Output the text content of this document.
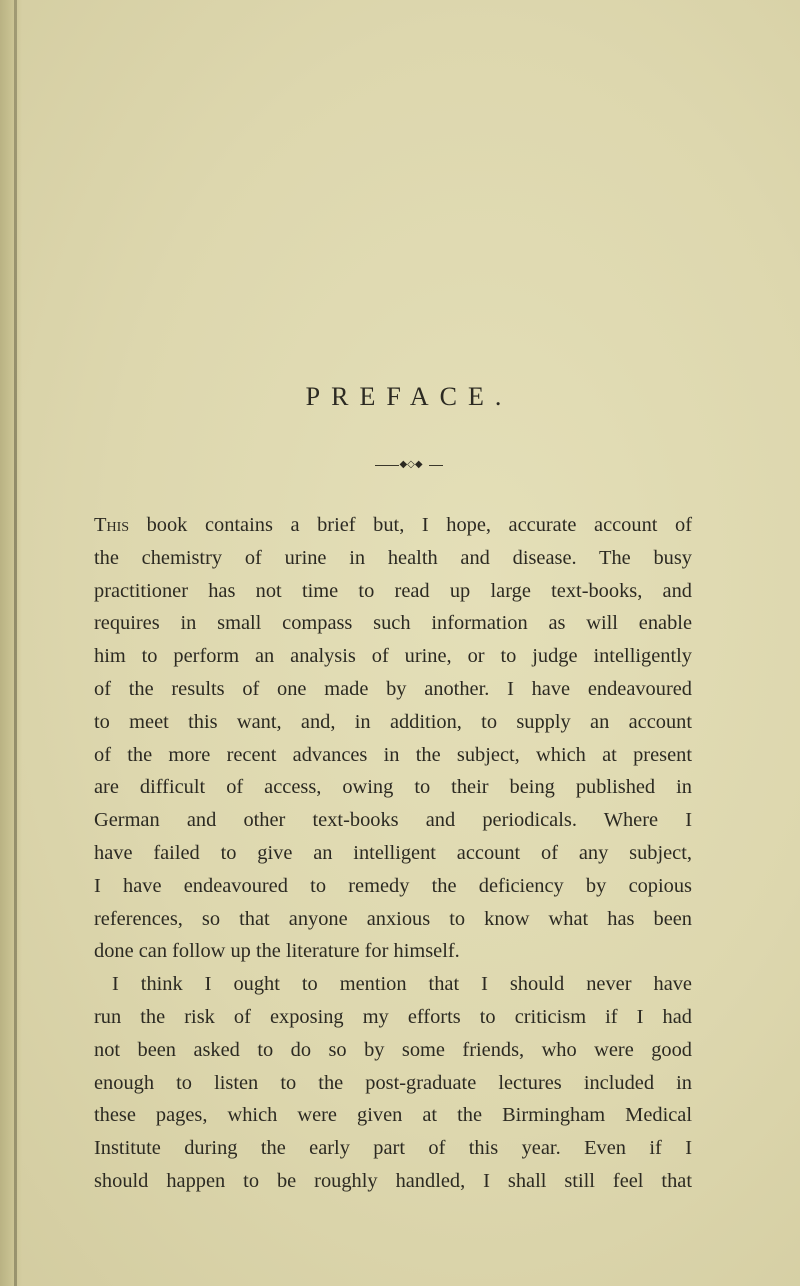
PREFACE.
◆◇◆
This book contains a brief but, I hope, accurate account of
the chemistry of urine in health and disease. The busy
practitioner has not time to read up large text-books, and
requires in small compass such information as will enable
him to perform an analysis of urine, or to judge intelligently
of the results of one made by another. I have endeavoured
to meet this want, and, in addition, to supply an account
of the more recent advances in the subject, which at present
are difficult of access, owing to their being published in
German and other text-books and periodicals. Where I
have failed to give an intelligent account of any subject,
I have endeavoured to remedy the deficiency by copious
references, so that anyone anxious to know what has been
done can follow up the literature for himself.
I think I ought to mention that I should never have
run the risk of exposing my efforts to criticism if I had
not been asked to do so by some friends, who were good
enough to listen to the post-graduate lectures included in
these pages, which were given at the Birmingham Medical
Institute during the early part of this year. Even if I
should happen to be roughly handled, I shall still feel that
